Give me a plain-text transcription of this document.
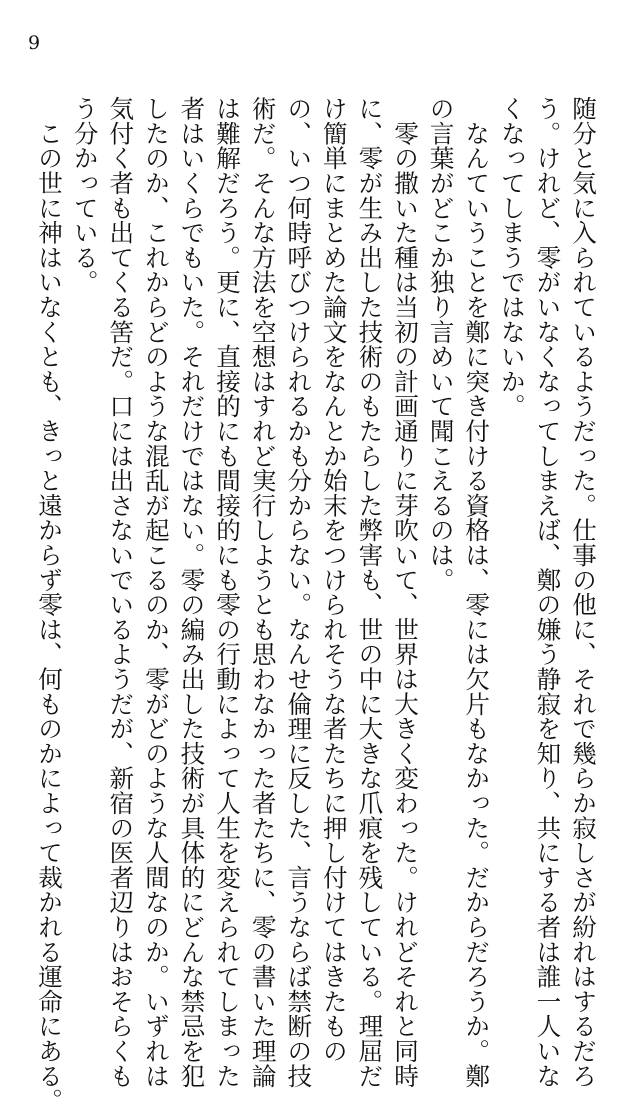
9
随分と気に入られているようだった。仕事の他に、それで幾らか寂しさが紛れはするだろ
う。けれど、零がいなくなってしまえば、鄭の嫌う静寂を知り、共にする者は誰一人いな
くなってしまうではないか。
　なんていうことを鄭に突き付ける資格は、零には欠片もなかった。だからだろうか。鄭
の言葉がどこか独り言めいて聞こえるのは。
　零の撒いた種は当初の計画通りに芽吹いて、世界は大きく変わった。けれどそれと同時
に、零が生み出した技術のもたらした弊害も、世の中に大きな爪痕を残している。理屈だ
け簡単にまとめた論文をなんとか始末をつけられそうな者たちに押し付けてはきたもの
の、いつ何時呼びつけられるかも分からない。なんせ倫理に反した、言うならば禁断の技
術だ。そんな方法を空想はすれど実行しようとも思わなかった者たちに、零の書いた理論
は難解だろう。更に、直接的にも間接的にも零の行動によって人生を変えられてしまった
者はいくらでもいた。それだけではない。零の編み出した技術が具体的にどんな禁忌を犯
したのか、これからどのような混乱が起こるのか、零がどのような人間なのか。いずれは
気付く者も出てくる筈だ。口には出さないでいるようだが、新宿の医者辺りはおそらくも
う分かっている。
　この世に神はいなくとも、きっと遠からず零は、何ものかによって裁かれる運命にある。
